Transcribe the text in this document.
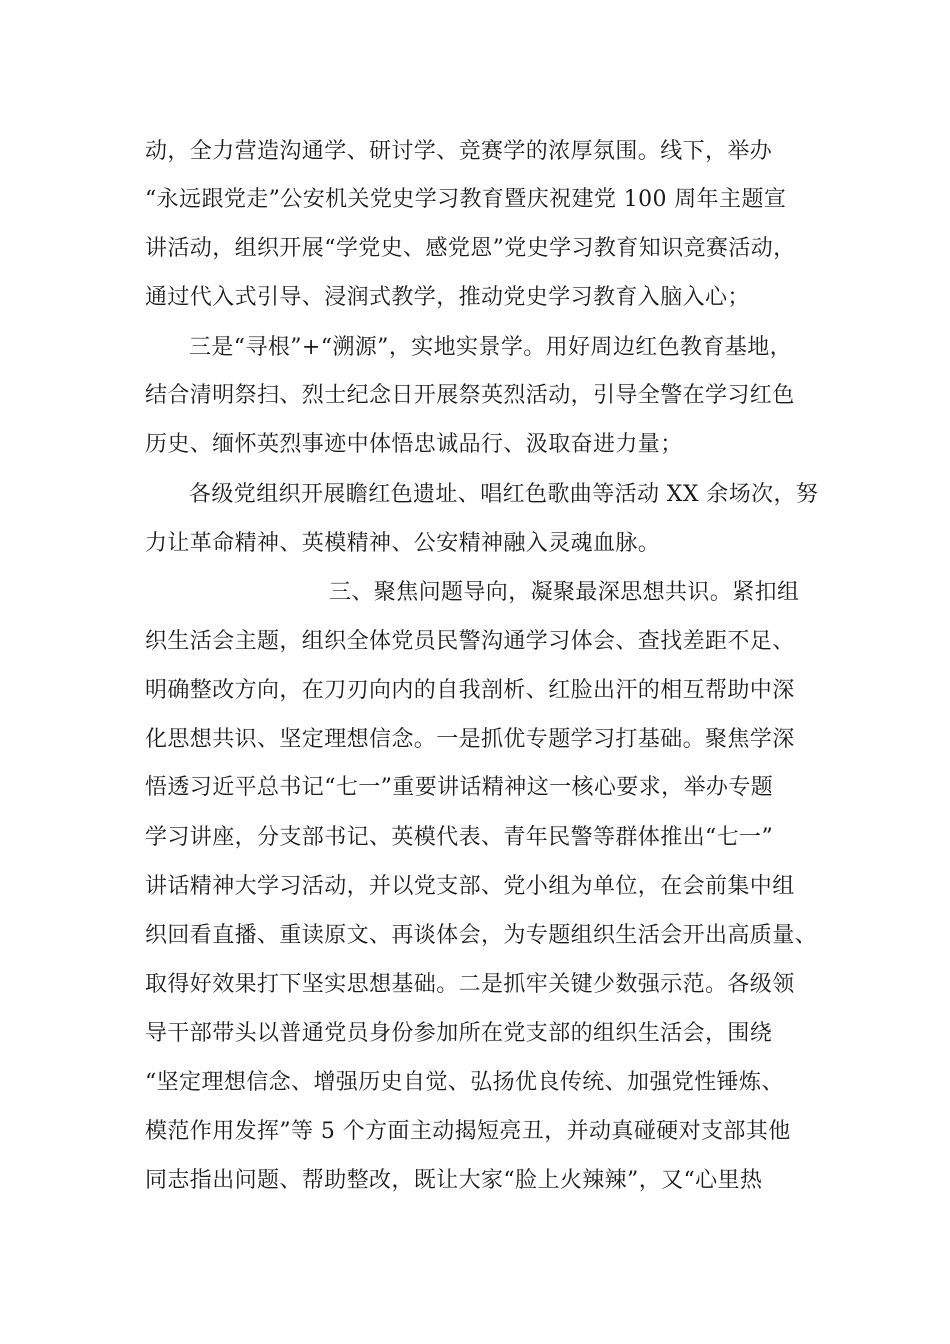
动，全力营造沟通学、研讨学、竞赛学的浓厚氛围。线下，举办
“永远跟党走”公安机关党史学习教育暨庆祝建党 100 周年主题宣
讲活动，组织开展“学党史、感党恩”党史学习教育知识竞赛活动，
通过代入式引导、浸润式教学，推动党史学习教育入脑入心；
三是“寻根”+“溯源”，实地实景学。用好周边红色教育基地，
结合清明祭扫、烈士纪念日开展祭英烈活动，引导全警在学习红色
历史、缅怀英烈事迹中体悟忠诚品行、汲取奋进力量；
各级党组织开展瞻红色遗址、唱红色歌曲等活动 XX 余场次，努
力让革命精神、英模精神、公安精神融入灵魂血脉。
三、聚焦问题导向，凝聚最深思想共识。紧扣组
织生活会主题，组织全体党员民警沟通学习体会、查找差距不足、
明确整改方向，在刀刃向内的自我剖析、红脸出汗的相互帮助中深
化思想共识、坚定理想信念。一是抓优专题学习打基础。聚焦学深
悟透习近平总书记“七一”重要讲话精神这一核心要求，举办专题
学习讲座，分支部书记、英模代表、青年民警等群体推出“七一”
讲话精神大学习活动，并以党支部、党小组为单位，在会前集中组
织回看直播、重读原文、再谈体会，为专题组织生活会开出高质量、
取得好效果打下坚实思想基础。二是抓牢关键少数强示范。各级领
导干部带头以普通党员身份参加所在党支部的组织生活会，围绕
“坚定理想信念、增强历史自觉、弘扬优良传统、加强党性锤炼、
模范作用发挥”等 5 个方面主动揭短亮丑，并动真碰硬对支部其他
同志指出问题、帮助整改，既让大家“脸上火辣辣”，又“心里热
